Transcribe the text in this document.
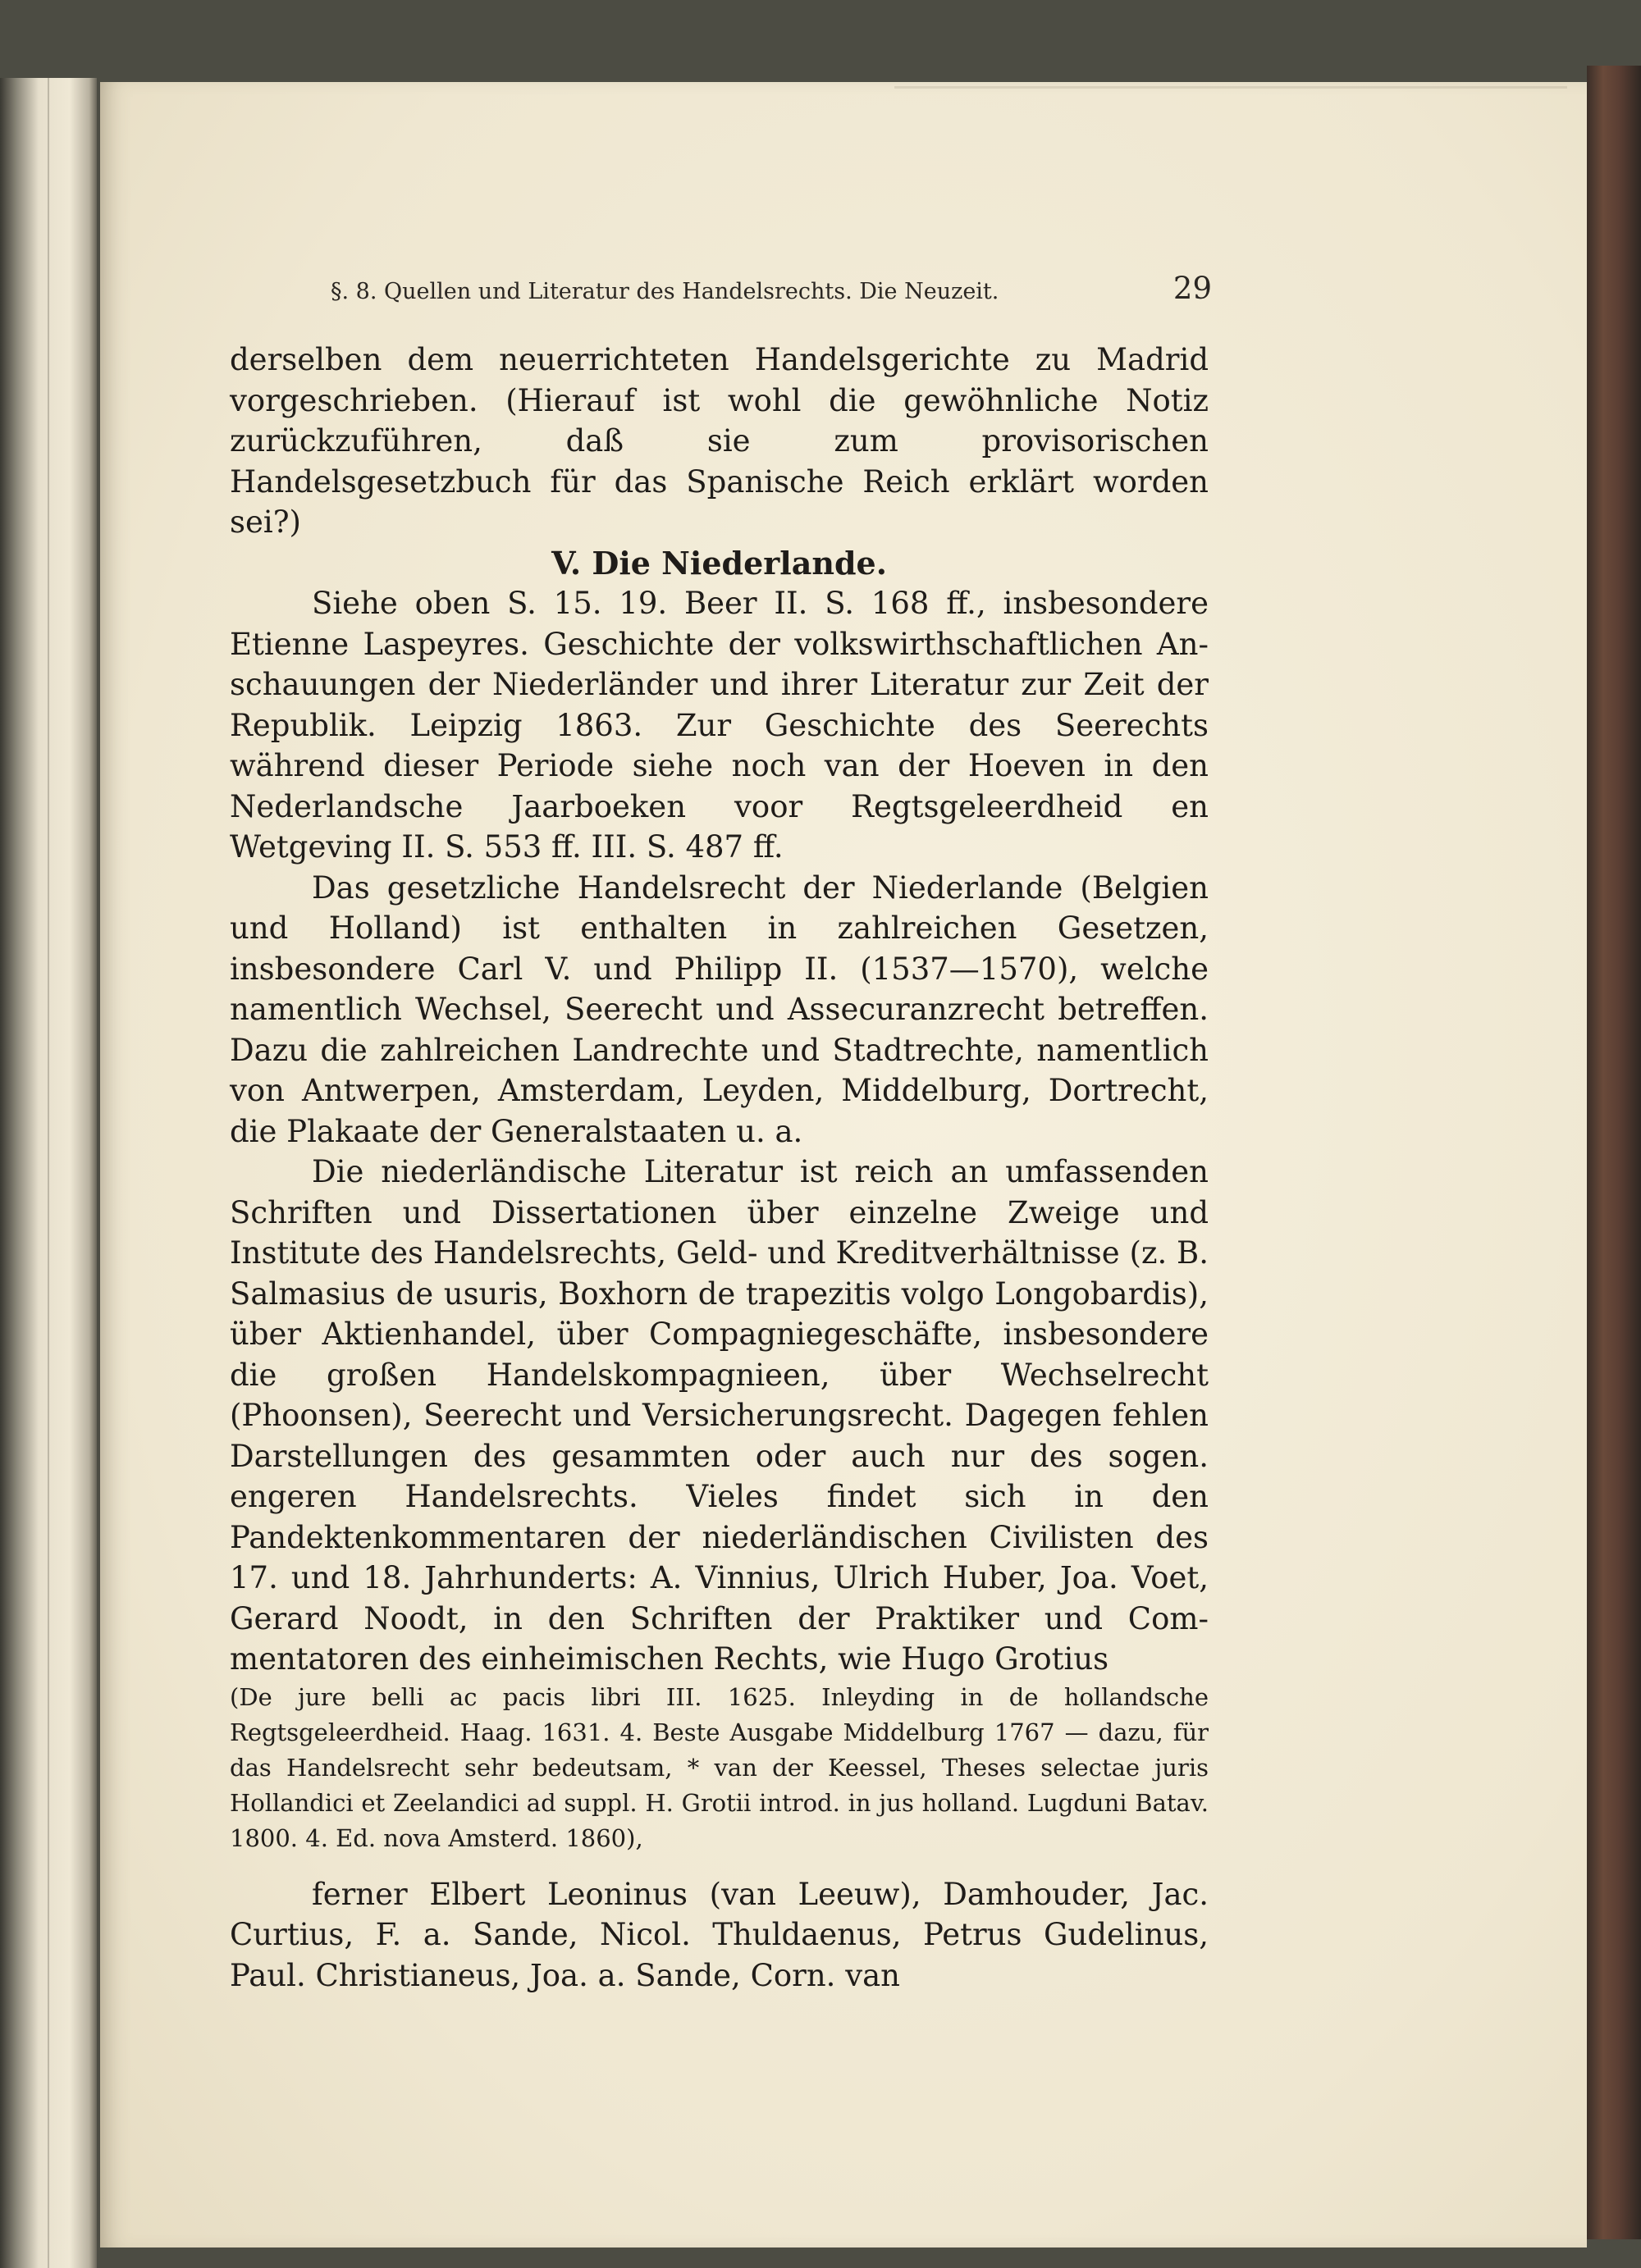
§. 8. Quellen und Literatur des Handelsrechts. Die Neuzeit.	29

derselben dem neuerrichteten Handelsgerichte zu Madrid vorgeschrieben. (Hierauf ist wohl die gewöhnliche Notiz zurückzuführen, daß sie zum provisorischen Handelsgesetzbuch für das Spanische Reich erklärt worden sei?)

V. Die Niederlande.

Siehe oben S. 15. 19. Beer II. S. 168 ff., insbesondere Etienne Laspeyres. Geschichte der volkswirthschaftlichen Anschauungen der Niederländer und ihrer Literatur zur Zeit der Republik. Leipzig 1863. Zur Geschichte des Seerechts während dieser Periode siehe noch van der Hoeven in den Nederlandsche Jaarboeken voor Regtsgeleerdheid en Wetgeving II. S. 553 ff. III. S. 487 ff.

Das gesetzliche Handelsrecht der Niederlande (Belgien und Holland) ist enthalten in zahlreichen Gesetzen, insbesondere Carl V. und Philipp II. (1537—1570), welche namentlich Wechsel, Seerecht und Assecuranzrecht betreffen. Dazu die zahlreichen Landrechte und Stadtrechte, namentlich von Antwerpen, Amsterdam, Leyden, Middelburg, Dortrecht, die Plakaate der Generalstaaten u. a.

Die niederländische Literatur ist reich an umfassenden Schriften und Dissertationen über einzelne Zweige und Institute des Handelsrechts, Geld- und Kreditverhältnisse (z. B. Salmasius de usuris, Boxhorn de trapezitis volgo Longobardis), über Aktienhandel, über Compagniegeschäfte, insbesondere die großen Handelskompagnieen, über Wechselrecht (Phoonsen), Seerecht und Versicherungsrecht. Dagegen fehlen Darstellungen des gesammten oder auch nur des sogen. engeren Handelsrechts. Vieles findet sich in den Pandektenkommentaren der niederländischen Civilisten des 17. und 18. Jahrhunderts: A. Vinnius, Ulrich Huber, Joa. Voet, Gerard Noodt, in den Schriften der Praktiker und Commentatoren des einheimischen Rechts, wie Hugo Grotius

(De jure belli ac pacis libri III. 1625. Inleyding in de hollandsche Regtsgeleerdheid. Haag. 1631. 4. Beste Ausgabe Middelburg 1767 — dazu, für das Handelsrecht sehr bedeutsam, * van der Keessel, Theses selectae juris Hollandici et Zeelandici ad suppl. H. Grotii introd. in jus holland. Lugduni Batav. 1800. 4. Ed. nova Amsterd. 1860),

ferner Elbert Leoninus (van Leeuw), Damhouder, Jac. Curtius, F. a. Sande, Nicol. Thuldaenus, Petrus Gudelinus, Paul. Christianeus, Joa. a. Sande, Corn. van
